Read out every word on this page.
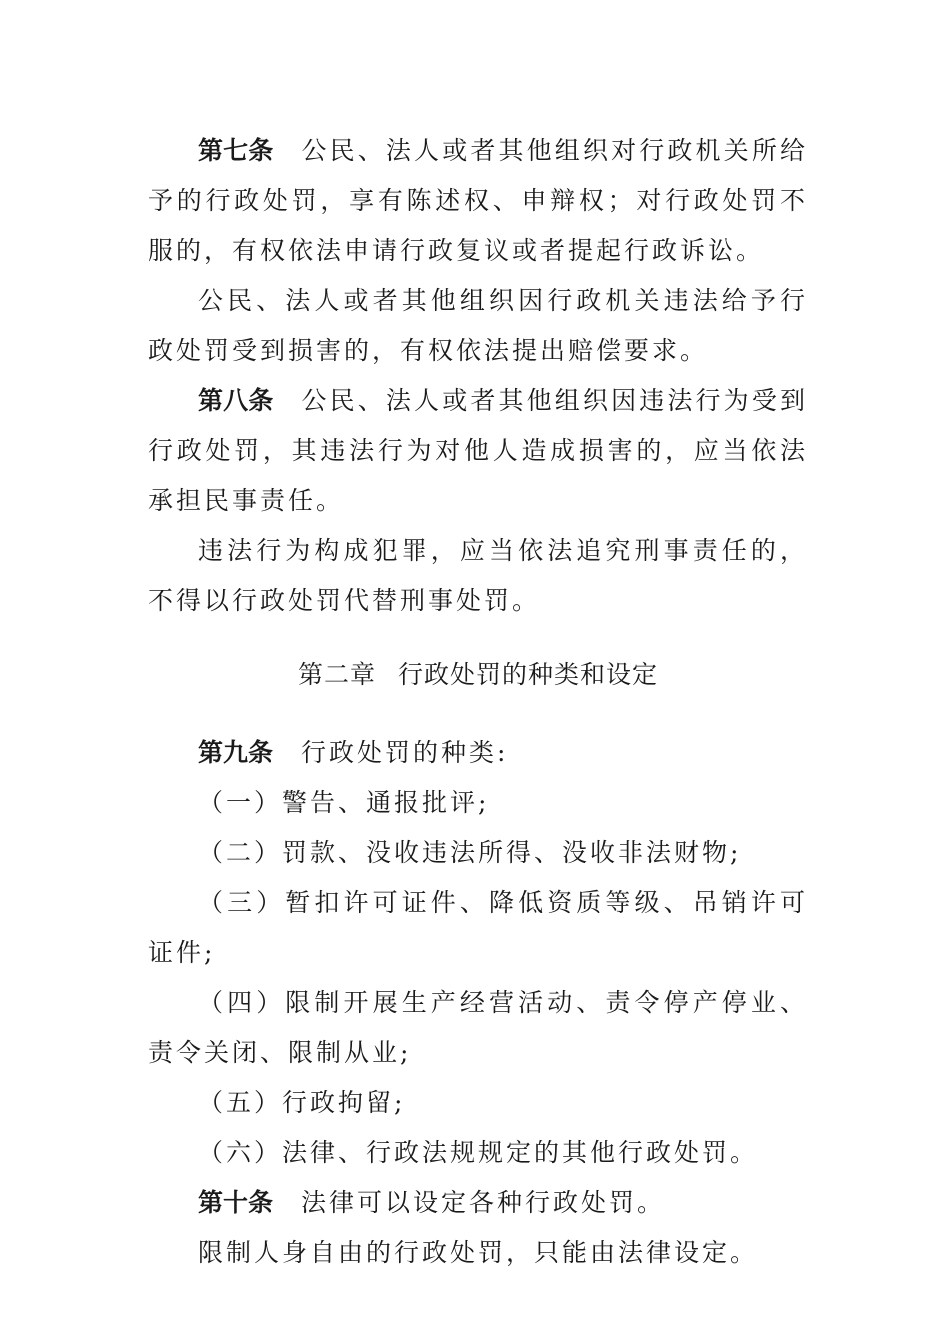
第七条 公民、法人或者其他组织对行政机关所给予的行政处罚，享有陈述权、申辩权；对行政处罚不服的，有权依法申请行政复议或者提起行政诉讼。

公民、法人或者其他组织因行政机关违法给予行政处罚受到损害的，有权依法提出赔偿要求。

第八条 公民、法人或者其他组织因违法行为受到行政处罚，其违法行为对他人造成损害的，应当依法承担民事责任。

违法行为构成犯罪，应当依法追究刑事责任的，不得以行政处罚代替刑事处罚。

第二章 行政处罚的种类和设定

第九条 行政处罚的种类:

（一）警告、通报批评;

（二）罚款、没收违法所得、没收非法财物;

（三）暂扣许可证件、降低资质等级、吊销许可证件;

（四）限制开展生产经营活动、责令停产停业、责令关闭、限制从业;

（五）行政拘留;

（六）法律、行政法规规定的其他行政处罚。

第十条 法律可以设定各种行政处罚。

限制人身自由的行政处罚，只能由法律设定。
